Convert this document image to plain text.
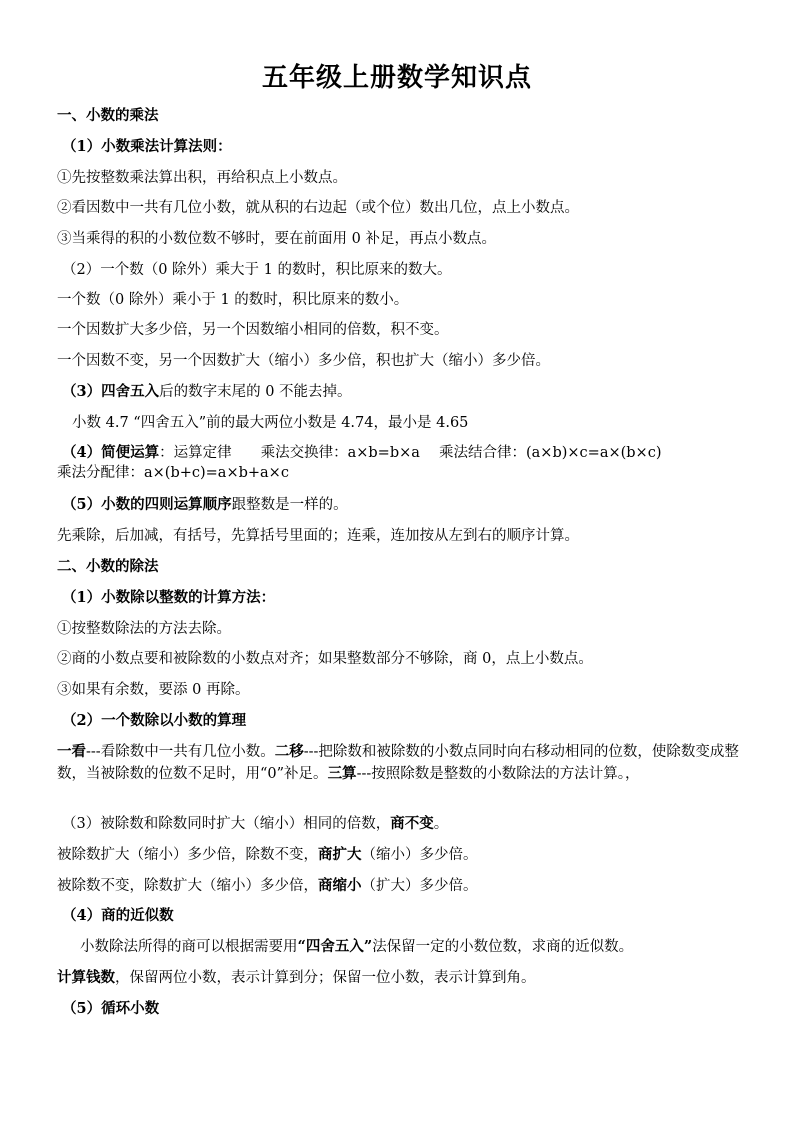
五年级上册数学知识点

一、小数的乘法

（1）小数乘法计算法则：

①先按整数乘法算出积，再给积点上小数点。

②看因数中一共有几位小数，就从积的右边起（或个位）数出几位，点上小数点。

③当乘得的积的小数位数不够时，要在前面用 0 补足，再点小数点。

（2）一个数（0 除外）乘大于 1 的数时，积比原来的数大。

一个数（0 除外）乘小于 1 的数时，积比原来的数小。

一个因数扩大多少倍，另一个因数缩小相同的倍数，积不变。

一个因数不变，另一个因数扩大（缩小）多少倍，积也扩大（缩小）多少倍。

（3）四舍五入后的数字末尾的 0 不能去掉。

小数 4.7 “四舍五入”前的最大两位小数是 4.74，最小是 4.65

（4）简便运算：运算定律　　乘法交换律：a×b=b×a　 乘法结合律：(a×b)×c=a×(b×c)

乘法分配律：a×(b+c)=a×b+a×c

（5）小数的四则运算顺序跟整数是一样的。

先乘除，后加减，有括号，先算括号里面的；连乘，连加按从左到右的顺序计算。

二、小数的除法

（1）小数除以整数的计算方法：

①按整数除法的方法去除。

②商的小数点要和被除数的小数点对齐；如果整数部分不够除，商 0，点上小数点。

③如果有余数，要添 0 再除。

（2）一个数除以小数的算理

一看---看除数中一共有几位小数。二移---把除数和被除数的小数点同时向右移动相同的位数，使除数变成整数，当被除数的位数不足时，用“0”补足。三算---按照除数是整数的小数除法的方法计算。，

（3）被除数和除数同时扩大（缩小）相同的倍数，商不变。

被除数扩大（缩小）多少倍，除数不变，商扩大（缩小）多少倍。

被除数不变，除数扩大（缩小）多少倍，商缩小（扩大）多少倍。

（4）商的近似数

小数除法所得的商可以根据需要用“四舍五入”法保留一定的小数位数，求商的近似数。

计算钱数，保留两位小数，表示计算到分；保留一位小数，表示计算到角。

（5）循环小数
